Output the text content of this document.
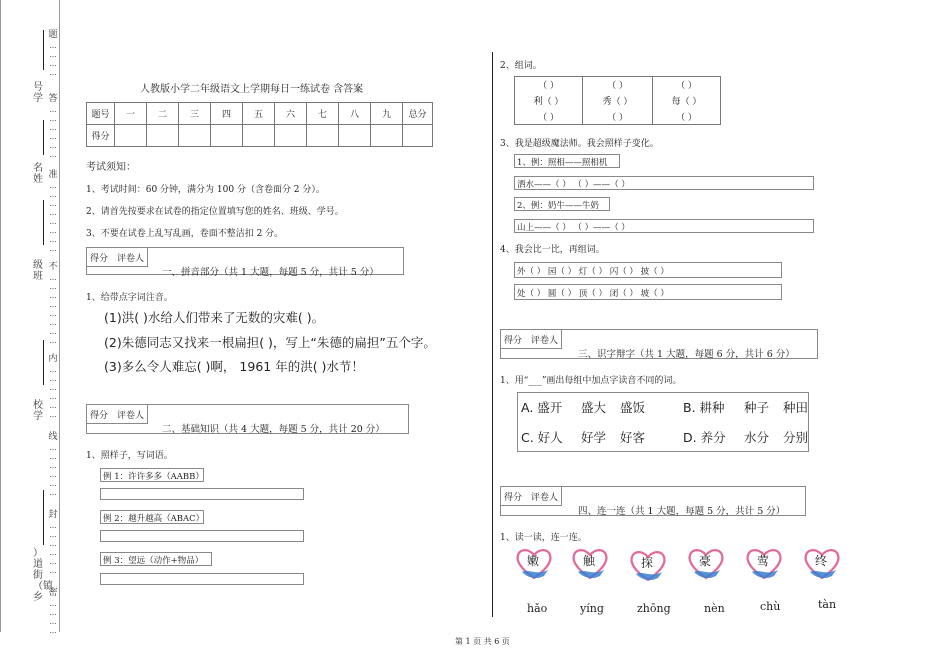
号学
名姓
级班
校学
）道街（镇乡
题
…
…
…
…
答
…
…
…
…
…
…
准
…
…
…
…
…
…
…
…
不
…
…
…
…
…
…
…
…
内
…
…
…
…
…
…
线
…
…
…
…
…
…
封
…
…
…
…
…
…
密
…
…
…
…
人教版小学二年级语文上学期每日一练试卷 含答案
题号	一	二	三	四	五	六	七	八	九	总分
得分										
考试须知：
1、考试时间：60 分钟，满分为 100 分（含卷面分 2 分）。
2、请首先按要求在试卷的指定位置填写您的姓名、班级、学号。
3、不要在试卷上乱写乱画，卷面不整洁扣 2 分。
得分 评卷人
一、拼音部分（共 1 大题，每题 5 分，共计 5 分）
1、给带点字词注音。
(1)洪( )水给人们带来了无数的灾难( )。
(2)朱德同志又找来一根扁担( )，写上“朱德的扁担”五个字。
(3)多么令人难忘( )啊， 1961 年的洪( )水节！
得分 评卷人
二、基础知识（共 4 大题，每题 5 分，共计 20 分）
1、照样子，写词语。
例 1：许许多多（AABB）
例 2：越升越高（ABAC）
例 3：望远（动作+物品）
2、组词。
（ ）	（ ）	（ ）
利（ ）	秀（ ）	每（ ）
（ ）	（ ）	（ ）
3、我是超级魔法师。我会照样子变化。
1、例：照相——照相机
洒水——（ ） （ ）——（ ）
2、例：奶牛——牛奶
山上——（ ） （ ）——（ ）
4、我会比一比，再组词。
外（ ） 园（ ） 灯（ ） 闪（ ） 披（ ）
处（ ） 圆（ ） 顶（ ） 闭（ ） 坡（ ）
得分 评卷人
三、识字辩字（共 1 大题，每题 6 分，共计 6 分）
1、用“___”画出每组中加点字读音不同的词。
A. 盛开 盛大 盛饭	B. 耕种 种子 种田
C. 好人 好学 好客	D. 养分 水分 分别
得分 评卷人
四、连一连（共 1 大题，每题 5 分，共计 5 分）
1、读一读，连一连。
嫩	触	探	豪	莺	终
hǎo	yíng	zhōng	nèn	chù	tàn
第 1 页 共 6 页
